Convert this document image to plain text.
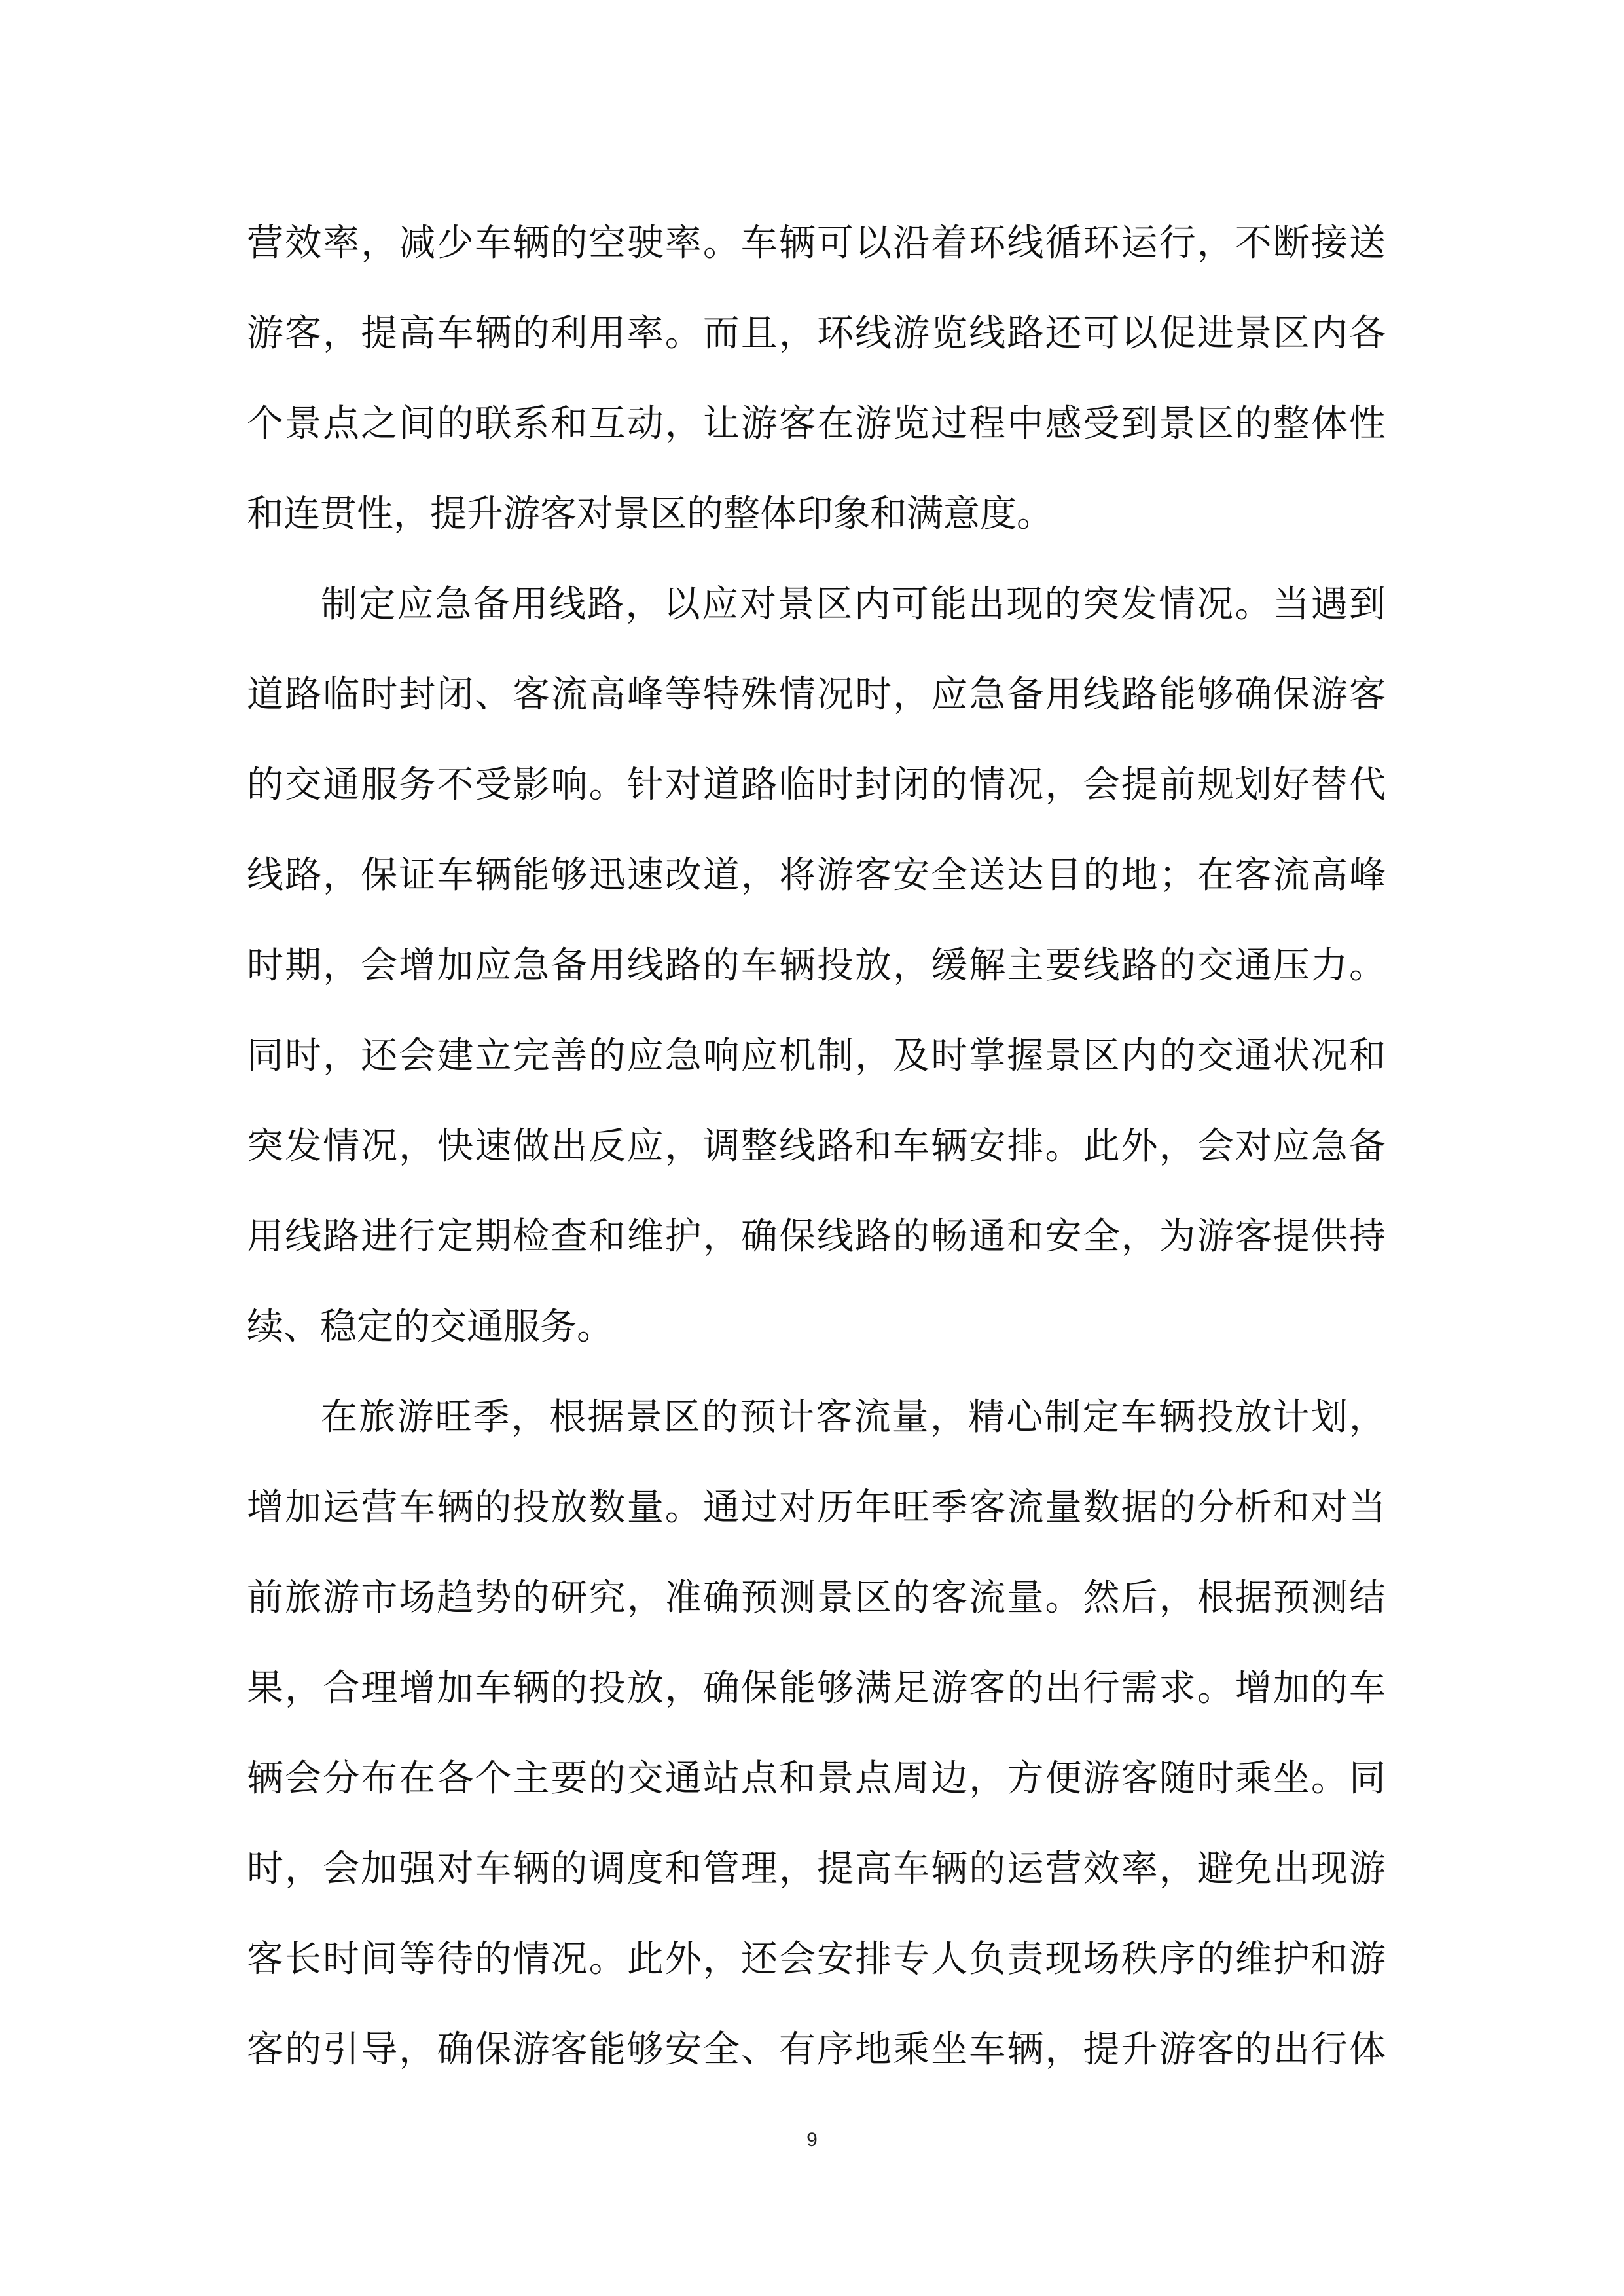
营效率，减少车辆的空驶率。车辆可以沿着环线循环运行，不断接送
游客，提高车辆的利用率。而且，环线游览线路还可以促进景区内各
个景点之间的联系和互动，让游客在游览过程中感受到景区的整体性
和连贯性，提升游客对景区的整体印象和满意度。
制定应急备用线路，以应对景区内可能出现的突发情况。当遇到
道路临时封闭、客流高峰等特殊情况时，应急备用线路能够确保游客
的交通服务不受影响。针对道路临时封闭的情况，会提前规划好替代
线路，保证车辆能够迅速改道，将游客安全送达目的地；在客流高峰
时期，会增加应急备用线路的车辆投放，缓解主要线路的交通压力。
同时，还会建立完善的应急响应机制，及时掌握景区内的交通状况和
突发情况，快速做出反应，调整线路和车辆安排。此外，会对应急备
用线路进行定期检查和维护，确保线路的畅通和安全，为游客提供持
续、稳定的交通服务。
在旅游旺季，根据景区的预计客流量，精心制定车辆投放计划，
增加运营车辆的投放数量。通过对历年旺季客流量数据的分析和对当
前旅游市场趋势的研究，准确预测景区的客流量。然后，根据预测结
果，合理增加车辆的投放，确保能够满足游客的出行需求。增加的车
辆会分布在各个主要的交通站点和景点周边，方便游客随时乘坐。同
时，会加强对车辆的调度和管理，提高车辆的运营效率，避免出现游
客长时间等待的情况。此外，还会安排专人负责现场秩序的维护和游
客的引导，确保游客能够安全、有序地乘坐车辆，提升游客的出行体
9
